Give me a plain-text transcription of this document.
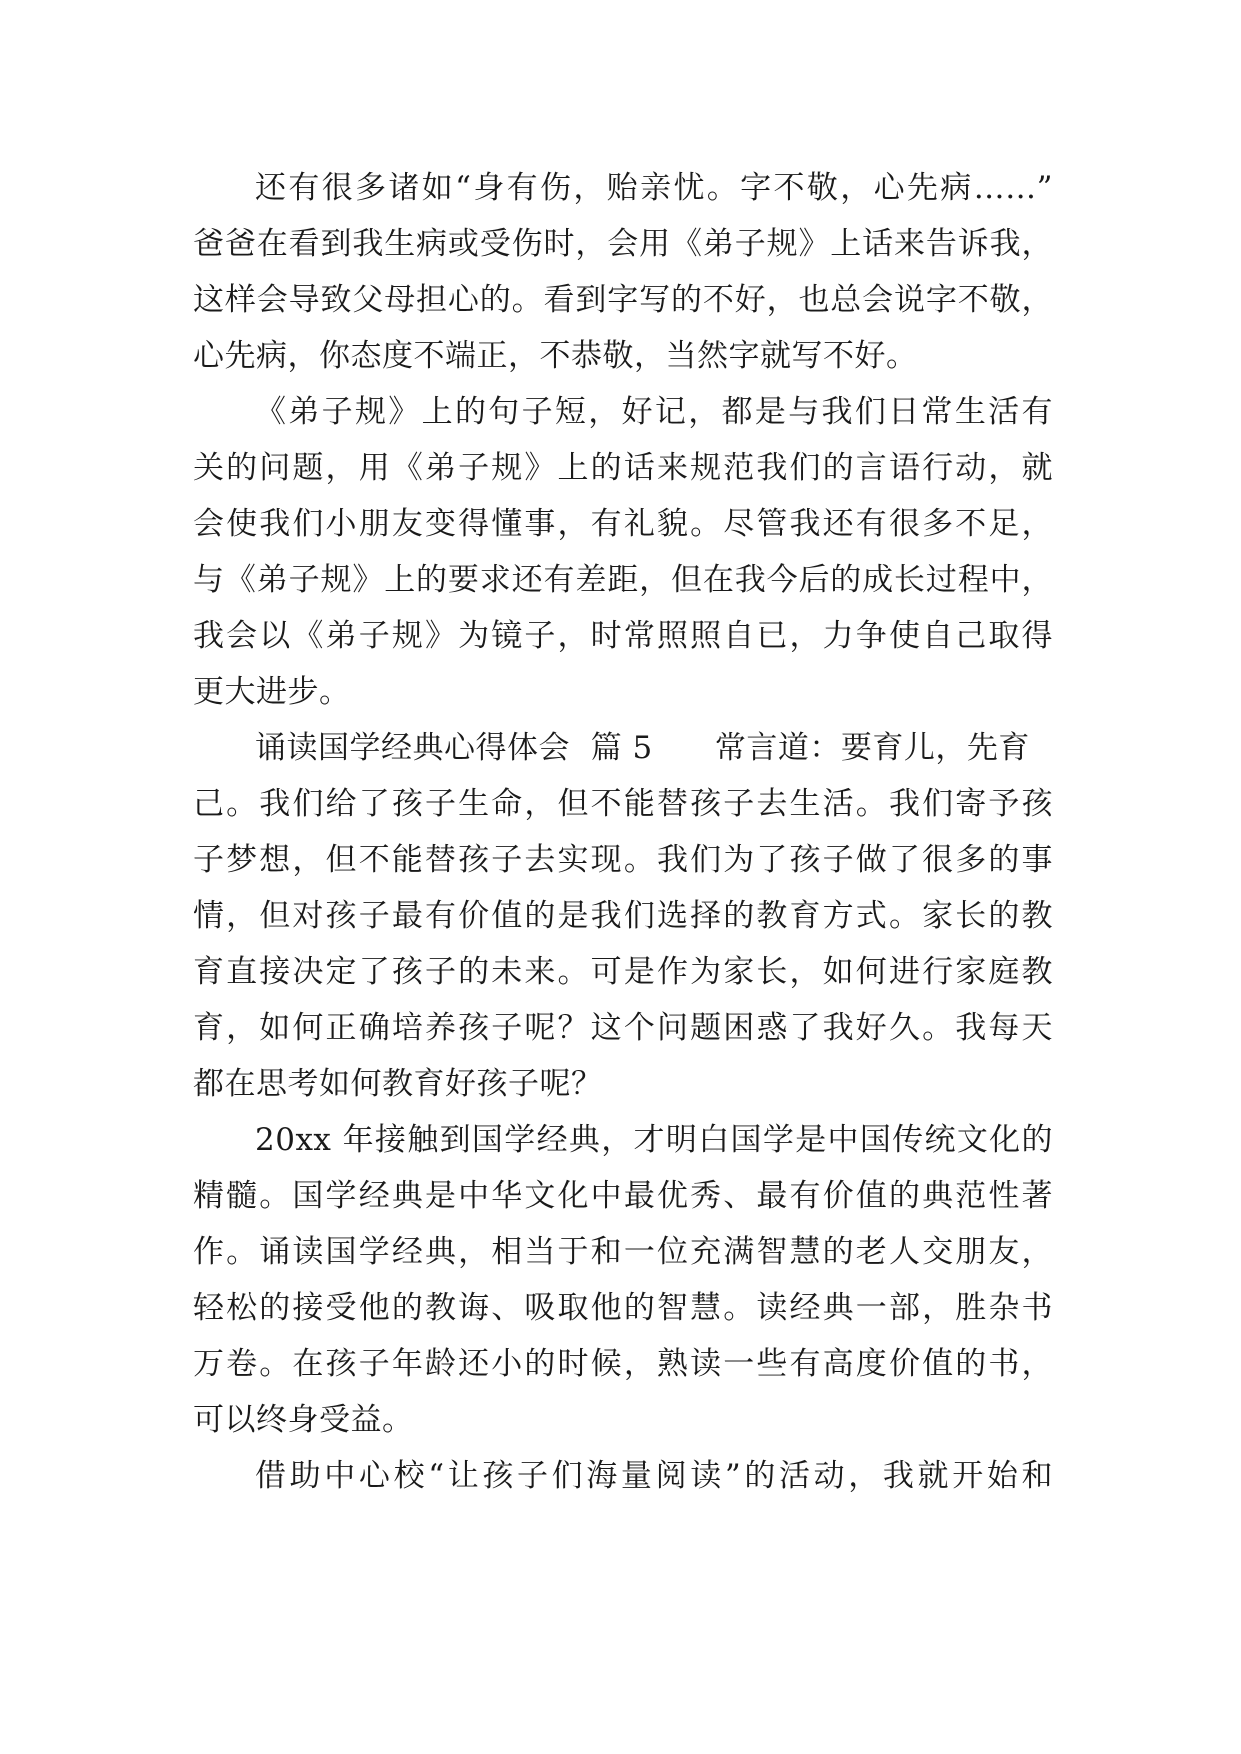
还有很多诸如“身有伤，贻亲忧。字不敬，心先病……”
爸爸在看到我生病或受伤时，会用《弟子规》上话来告诉我，
这样会导致父母担心的。看到字写的不好，也总会说字不敬，
心先病，你态度不端正，不恭敬，当然字就写不好。
《弟子规》上的句子短，好记，都是与我们日常生活有
关的问题，用《弟子规》上的话来规范我们的言语行动，就
会使我们小朋友变得懂事，有礼貌。尽管我还有很多不足，
与《弟子规》上的要求还有差距，但在我今后的成长过程中，
我会以《弟子规》为镜子，时常照照自已，力争使自己取得
更大进步。
诵读国学经典心得体会  篇 5      常言道：要育儿，先育
己。我们给了孩子生命，但不能替孩子去生活。我们寄予孩
子梦想，但不能替孩子去实现。我们为了孩子做了很多的事
情，但对孩子最有价值的是我们选择的教育方式。家长的教
育直接决定了孩子的未来。可是作为家长，如何进行家庭教
育，如何正确培养孩子呢？这个问题困惑了我好久。我每天
都在思考如何教育好孩子呢？
20xx 年接触到国学经典，才明白国学是中国传统文化的
精髓。国学经典是中华文化中最优秀、最有价值的典范性著
作。诵读国学经典，相当于和一位充满智慧的老人交朋友，
轻松的接受他的教诲、吸取他的智慧。读经典一部，胜杂书
万卷。在孩子年龄还小的时候，熟读一些有高度价值的书，
可以终身受益。
借助中心校“让孩子们海量阅读”的活动，我就开始和
